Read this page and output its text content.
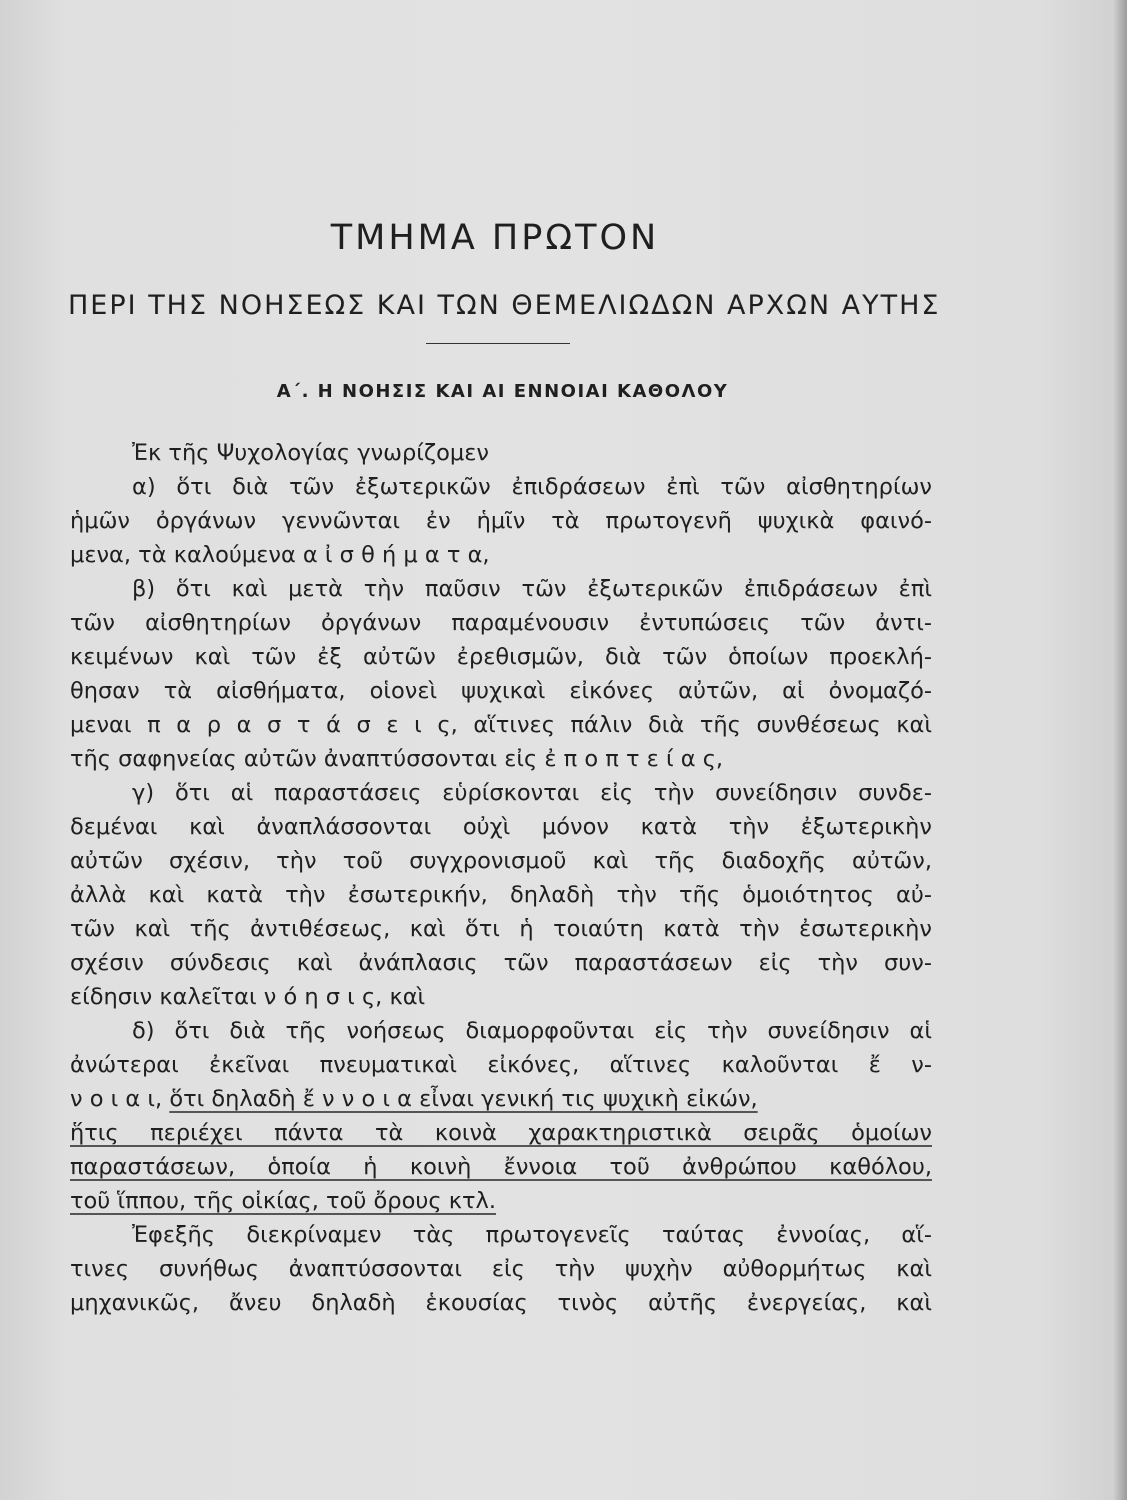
ΤΜΗΜΑ ΠΡΩΤΟΝ
ΠΕΡΙ ΤΗΣ ΝΟΗΣΕΩΣ ΚΑΙ ΤΩΝ ΘΕΜΕΛΙΩΔΩΝ ΑΡΧΩΝ ΑΥΤΗΣ
Α΄. Η ΝΟΗΣΙΣ ΚΑΙ ΑΙ ΕΝΝΟΙΑΙ ΚΑΘΟΛΟΥ
Ἐκ τῆς Ψυχολογίας γνωρίζομεν
α) ὅτι διὰ τῶν ἐξωτερικῶν ἐπιδράσεων ἐπὶ τῶν αἰσθητηρίων
ἡμῶν ὀργάνων γεννῶνται ἐν ἡμῖν τὰ πρωτογενῆ ψυχικὰ φαινό-
μενα, τὰ καλούμενα α ἰ σ θ ή μ α τ α,
β) ὅτι καὶ μετὰ τὴν παῦσιν τῶν ἐξωτερικῶν ἐπιδράσεων ἐπὶ
τῶν αἰσθητηρίων ὀργάνων παραμένουσιν ἐντυπώσεις τῶν ἀντι-
κειμένων καὶ τῶν ἐξ αὐτῶν ἐρεθισμῶν, διὰ τῶν ὁποίων προεκλή-
θησαν τὰ αἰσθήματα, οἱονεὶ ψυχικαὶ εἰκόνες αὐτῶν, αἱ ὀνομαζό-
μεναι π α ρ α σ τ ά σ ε ι ς, αἵτινες πάλιν διὰ τῆς συνθέσεως καὶ
τῆς σαφηνείας αὐτῶν ἀναπτύσσονται εἰς ἐ π ο π τ ε ί α ς,
γ) ὅτι αἱ παραστάσεις εὑρίσκονται εἰς τὴν συνείδησιν συνδε-
δεμέναι καὶ ἀναπλάσσονται οὐχὶ μόνον κατὰ τὴν ἐξωτερικὴν
αὐτῶν σχέσιν, τὴν τοῦ συγχρονισμοῦ καὶ τῆς διαδοχῆς αὐτῶν,
ἀλλὰ καὶ κατὰ τὴν ἐσωτερικήν, δηλαδὴ τὴν τῆς ὁμοιότητος αὐ-
τῶν καὶ τῆς ἀντιθέσεως, καὶ ὅτι ἡ τοιαύτη κατὰ τὴν ἐσωτερικὴν
σχέσιν σύνδεσις καὶ ἀνάπλασις τῶν παραστάσεων εἰς τὴν συν-
είδησιν καλεῖται ν ό η σ ι ς, καὶ
δ) ὅτι διὰ τῆς νοήσεως διαμορφοῦνται εἰς τὴν συνείδησιν αἱ
ἀνώτεραι ἐκεῖναι πνευματικαὶ εἰκόνες, αἵτινες καλοῦνται ἔ ν-
ν ο ι α ι, ὅτι δηλαδὴ ἔ ν ν ο ι α εἶναι γενική τις ψυχικὴ εἰκών,
ἥτις περιέχει πάντα τὰ κοινὰ χαρακτηριστικὰ σειρᾶς ὁμοίων
παραστάσεων, ὁποία ἡ κοινὴ ἔννοια τοῦ ἀνθρώπου καθόλου,
τοῦ ἵππου, τῆς οἰκίας, τοῦ ὄρους κτλ.
Ἐφεξῆς διεκρίναμεν τὰς πρωτογενεῖς ταύτας ἐννοίας, αἵ-
τινες συνήθως ἀναπτύσσονται εἰς τὴν ψυχὴν αὐθορμήτως καὶ
μηχανικῶς, ἄνευ δηλαδὴ ἑκουσίας τινὸς αὐτῆς ἐνεργείας, καὶ
